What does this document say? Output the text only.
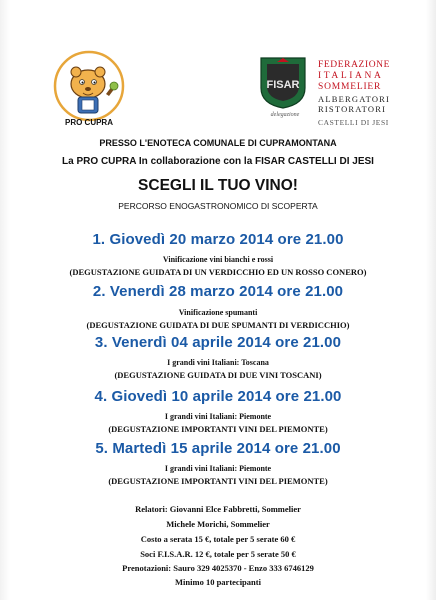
PRO CUPRA
FISAR
delegazione
FEDERAZIONE
ITALIANA
SOMMELIER
ALBERGATORI
RISTORATORI
CASTELLI DI JESI
PRESSO L'ENOTECA COMUNALE DI CUPRAMONTANA
La PRO CUPRA In collaborazione con la FISAR CASTELLI DI JESI
SCEGLI IL TUO VINO!
PERCORSO ENOGASTRONOMICO DI SCOPERTA
1. Giovedì 20 marzo 2014 ore 21.00
Vinificazione vini bianchi e rossi
(DEGUSTAZIONE GUIDATA DI UN VERDICCHIO ED UN ROSSO CONERO)
2. Venerdì 28 marzo 2014 ore 21.00
Vinificazione spumanti
(DEGUSTAZIONE GUIDATA DI DUE SPUMANTI DI VERDICCHIO)
3. Venerdì 04 aprile 2014 ore 21.00
I grandi vini Italiani: Toscana
(DEGUSTAZIONE GUIDATA DI DUE VINI TOSCANI)
4. Giovedì 10 aprile 2014 ore 21.00
I grandi vini Italiani: Piemonte
(DEGUSTAZIONE IMPORTANTI VINI DEL PIEMONTE)
5. Martedì 15 aprile 2014 ore 21.00
I grandi vini Italiani: Piemonte
(DEGUSTAZIONE IMPORTANTI VINI DEL PIEMONTE)
Relatori: Giovanni Elce Fabbretti, Sommelier
Michele Morichi, Sommelier
Costo a serata 15 €, totale per 5 serate 60 €
Soci F.I.S.A.R. 12 €, totale per 5 serate 50 €
Prenotazioni: Sauro 329 4025370 - Enzo 333 6746129
Minimo 10 partecipanti
